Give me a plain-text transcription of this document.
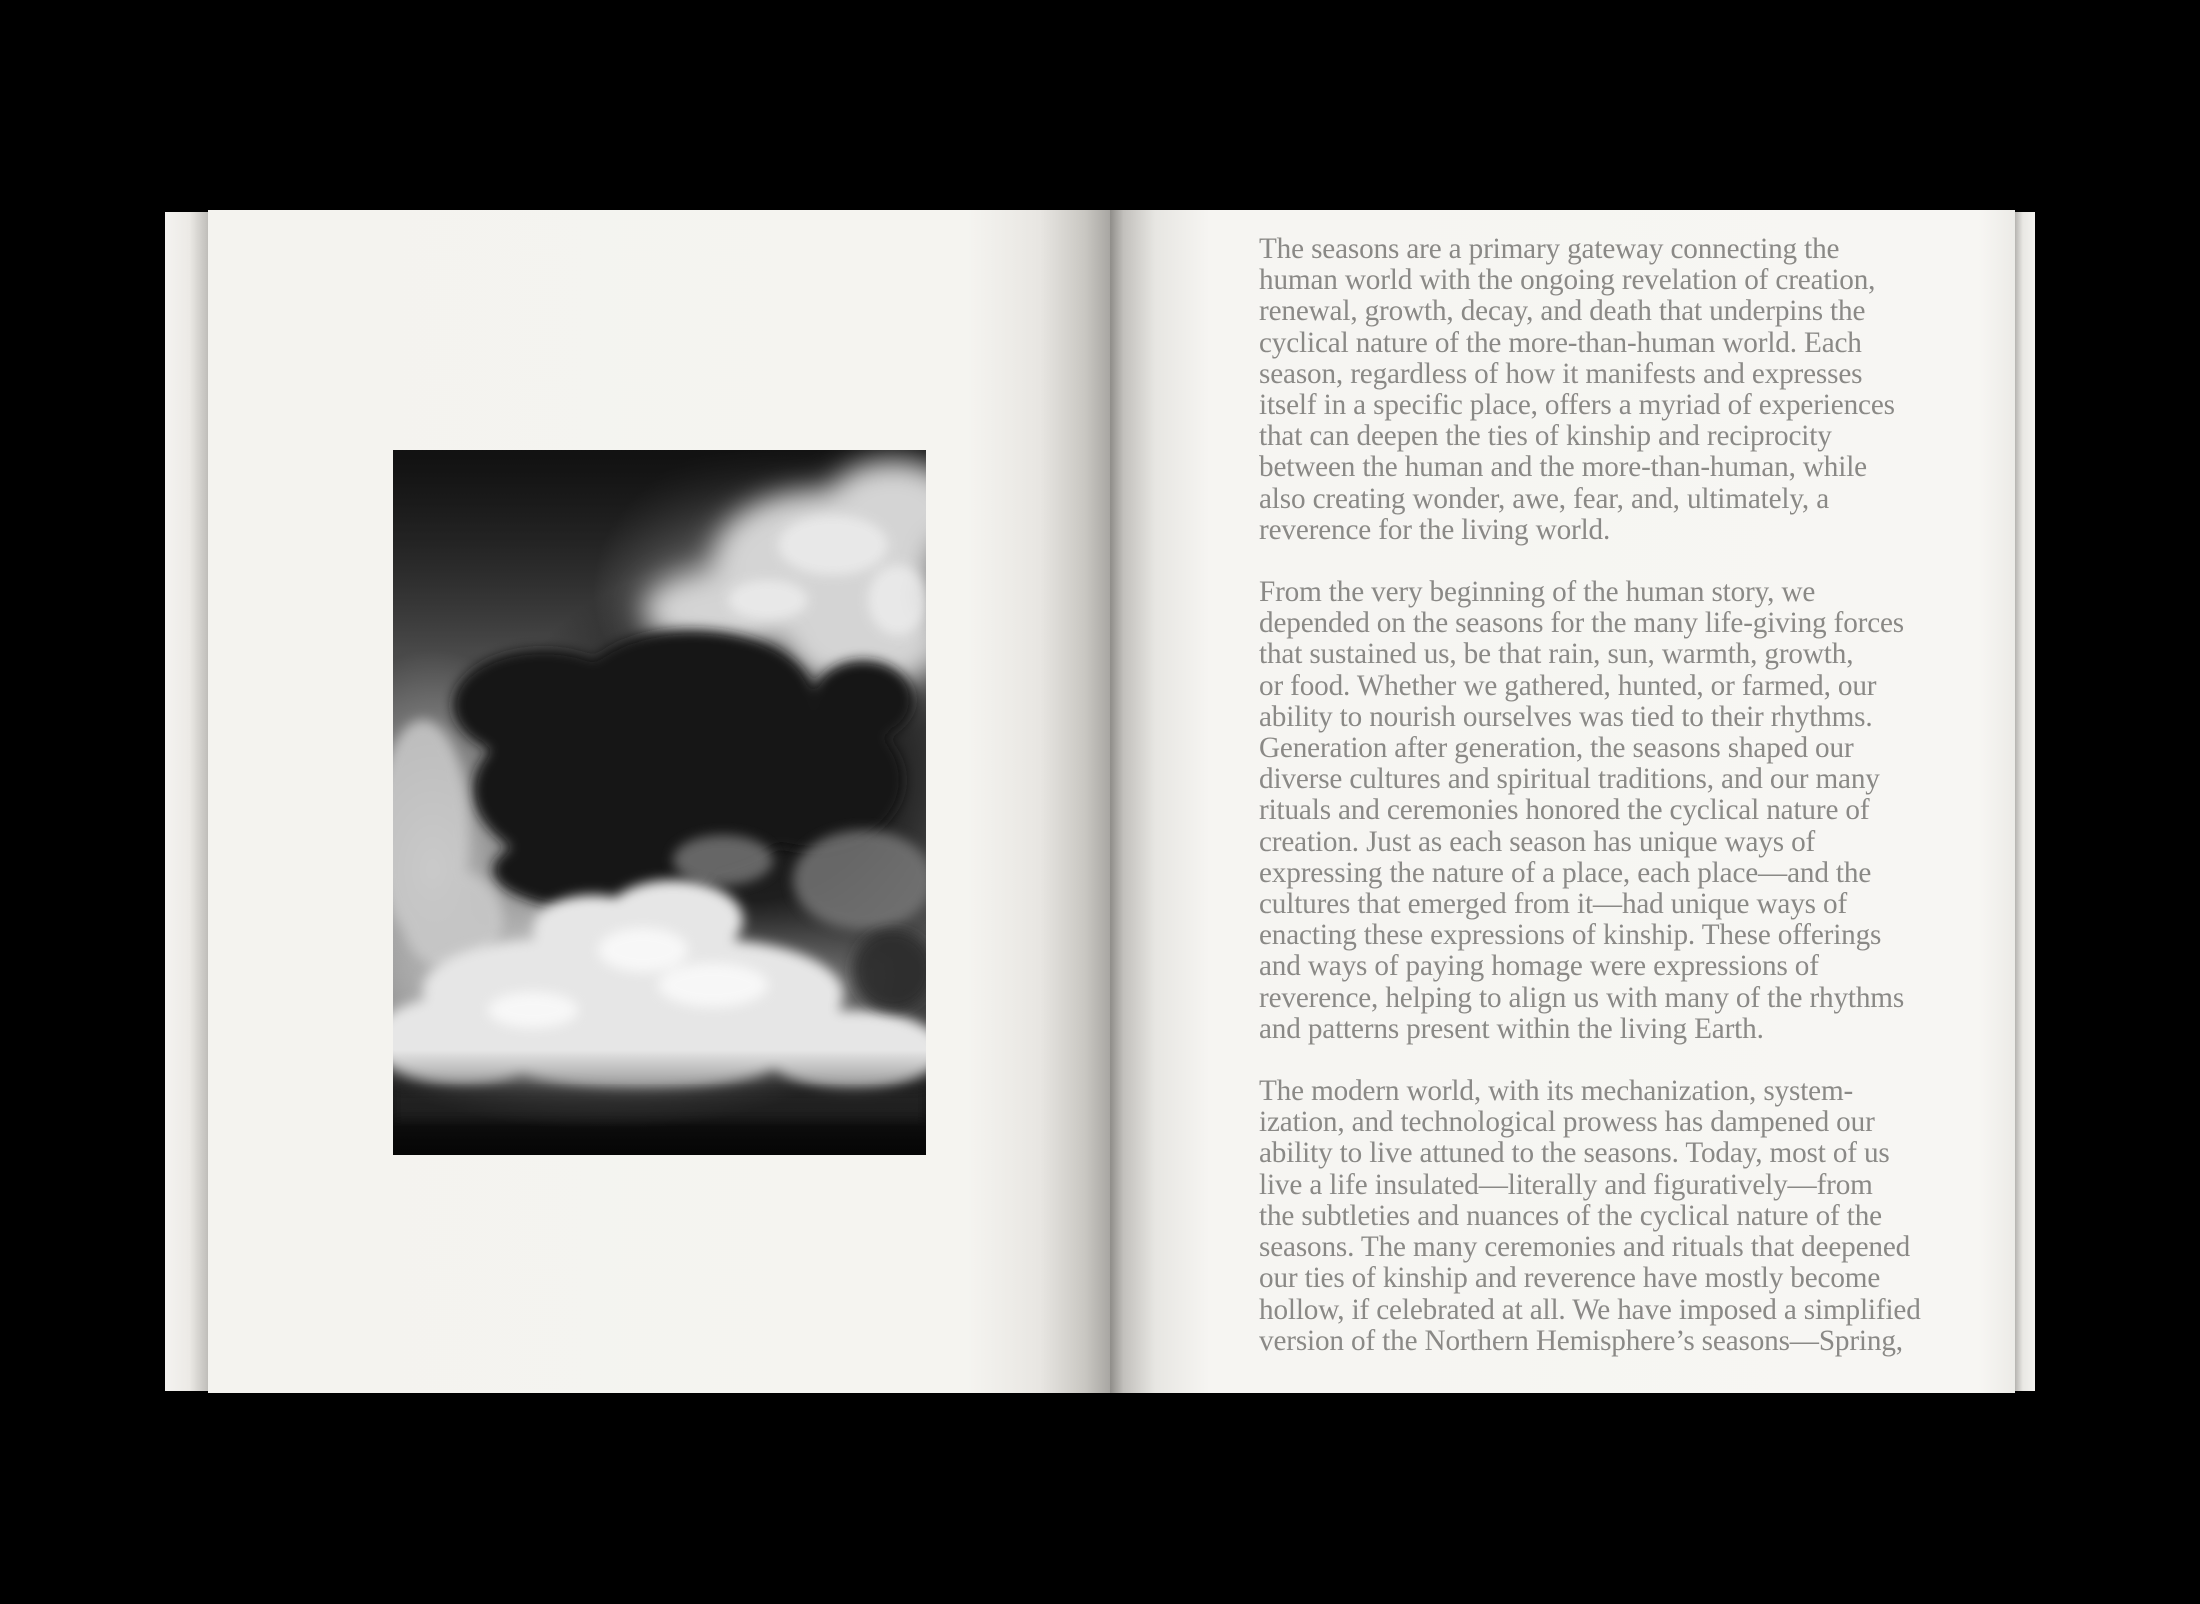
The seasons are a primary gateway connecting the
human world with the ongoing revelation of creation,
renewal, growth, decay, and death that underpins the
cyclical nature of the more-than-human world. Each
season, regardless of how it manifests and expresses
itself in a specific place, offers a myriad of experiences
that can deepen the ties of kinship and reciprocity
between the human and the more-than-human, while
also creating wonder, awe, fear, and, ultimately, a
reverence for the living world.

From the very beginning of the human story, we
depended on the seasons for the many life-giving forces
that sustained us, be that rain, sun, warmth, growth,
or food. Whether we gathered, hunted, or farmed, our
ability to nourish ourselves was tied to their rhythms.
Generation after generation, the seasons shaped our
diverse cultures and spiritual traditions, and our many
rituals and ceremonies honored the cyclical nature of
creation. Just as each season has unique ways of
expressing the nature of a place, each place—and the
cultures that emerged from it—had unique ways of
enacting these expressions of kinship. These offerings
and ways of paying homage were expressions of
reverence, helping to align us with many of the rhythms
and patterns present within the living Earth.

The modern world, with its mechanization, system-
ization, and technological prowess has dampened our
ability to live attuned to the seasons. Today, most of us
live a life insulated—literally and figuratively—from
the subtleties and nuances of the cyclical nature of the
seasons. The many ceremonies and rituals that deepened
our ties of kinship and reverence have mostly become
hollow, if celebrated at all. We have imposed a simplified
version of the Northern Hemisphere’s seasons—Spring,
